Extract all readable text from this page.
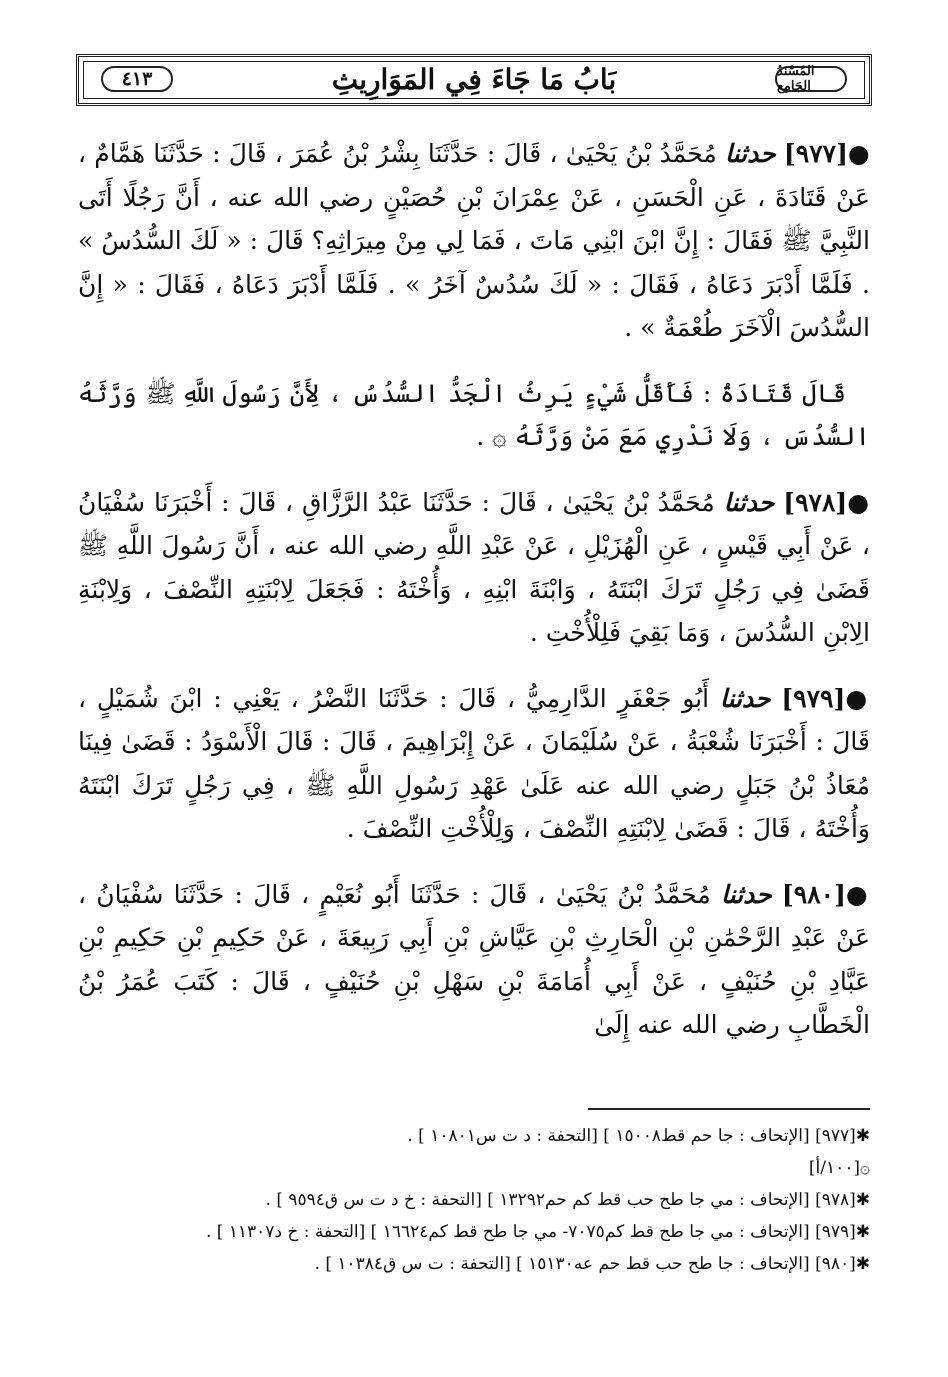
٤١٣	المُسْنَدُ الجَامِع
بَابُ مَا جَاءَ فِي المَوَارِيثِ

●[٩٧٧] حدثنا مُحَمَّدُ بْنُ يَحْيَىٰ ، قَالَ : حَدَّثَنَا بِشْرُ بْنُ عُمَرَ ، قَالَ : حَدَّثَنَا هَمَّامٌ ، عَنْ قَتَادَةَ ، عَنِ الْحَسَنِ ، عَنْ عِمْرَانَ بْنِ حُصَيْنٍ رضي الله عنه ، أَنَّ رَجُلًا أَتَى النَّبِيَّ ﷺ فَقَالَ : إِنَّ ابْنَ ابْنِي مَاتَ ، فَمَا لِي مِنْ مِيرَاثِهِ؟ قَالَ : « لَكَ السُّدُسُ » . فَلَمَّا أَدْبَرَ دَعَاهُ ، فَقَالَ : « لَكَ سُدُسٌ آخَرُ » . فَلَمَّا أَدْبَرَ دَعَاهُ ، فَقَالَ : « إِنَّ السُّدُسَ الْآخَرَ طُعْمَةٌ » .

قَالَ قَتَادَةُ : فَأَقَلُّ شَيْءٍ يَرِثُ الْجَدُّ السُّدُسُ ، لِأَنَّ رَسُولَ اللَّهِ ﷺ وَرَّثَهُ السُّدُسَ ، وَلَا نَدْرِي مَعَ مَنْ وَرَّثَهُ ۞ .

●[٩٧٨] حدثنا مُحَمَّدُ بْنُ يَحْيَىٰ ، قَالَ : حَدَّثَنَا عَبْدُ الرَّزَّاقِ ، قَالَ : أَخْبَرَنَا سُفْيَانُ ، عَنْ أَبِي قَيْسٍ ، عَنِ الْهُزَيْلِ ، عَنْ عَبْدِ اللَّهِ رضي الله عنه ، أَنَّ رَسُولَ اللَّهِ ﷺ قَضَىٰ فِي رَجُلٍ تَرَكَ ابْنَتَهُ ، وَابْنَةَ ابْنِهِ ، وَأُخْتَهُ : فَجَعَلَ لِابْنَتِهِ النِّصْفَ ، وَلِابْنَةِ الِابْنِ السُّدُسَ ، وَمَا بَقِيَ فَلِلْأُخْتِ .

●[٩٧٩] حدثنا أَبُو جَعْفَرٍ الدَّارِمِيُّ ، قَالَ : حَدَّثَنَا النَّضْرُ ، يَعْنِي : ابْنَ شُمَيْلٍ ، قَالَ : أَخْبَرَنَا شُعْبَةُ ، عَنْ سُلَيْمَانَ ، عَنْ إِبْرَاهِيمَ ، قَالَ : قَالَ الْأَسْوَدُ : قَضَىٰ فِينَا مُعَاذُ بْنُ جَبَلٍ رضي الله عنه عَلَىٰ عَهْدِ رَسُولِ اللَّهِ ﷺ ، فِي رَجُلٍ تَرَكَ ابْنَتَهُ وَأُخْتَهُ ، قَالَ : قَضَىٰ لِابْنَتِهِ النِّصْفَ ، وَلِلْأُخْتِ النِّصْفَ .

●[٩٨٠] حدثنا مُحَمَّدُ بْنُ يَحْيَىٰ ، قَالَ : حَدَّثَنَا أَبُو نُعَيْمٍ ، قَالَ : حَدَّثَنَا سُفْيَانُ ، عَنْ عَبْدِ الرَّحْمَٰنِ بْنِ الْحَارِثِ بْنِ عَيَّاشِ بْنِ أَبِي رَبِيعَةَ ، عَنْ حَكِيمِ بْنِ حَكِيمِ بْنِ عَبَّادِ بْنِ حُنَيْفٍ ، عَنْ أَبِي أُمَامَةَ بْنِ سَهْلِ بْنِ حُنَيْفٍ ، قَالَ : كَتَبَ عُمَرُ بْنُ الْخَطَّابِ رضي الله عنه إِلَىٰ

✱[٩٧٧] [الإتحاف : جا حم قط١٥٠٠٨ ] [التحفة : د ت س١٠٨٠١ ] .
۞[١٠٠/أ]
✱[٩٧٨] [الإتحاف : مي جا طح حب قط كم حم١٣٢٩٢ ] [التحفة : خ د ت س ق٩٥٩٤ ] .
✱[٩٧٩] [الإتحاف : مي جا طح قط كم٧٠٧٥- مي جا طح قط كم١٦٦٢٤ ] [التحفة : خ د١١٣٠٧ ] .
✱[٩٨٠] [الإتحاف : جا طح حب قط حم عه١٥١٣٠ ] [التحفة : ت س ق١٠٣٨٤ ] .
